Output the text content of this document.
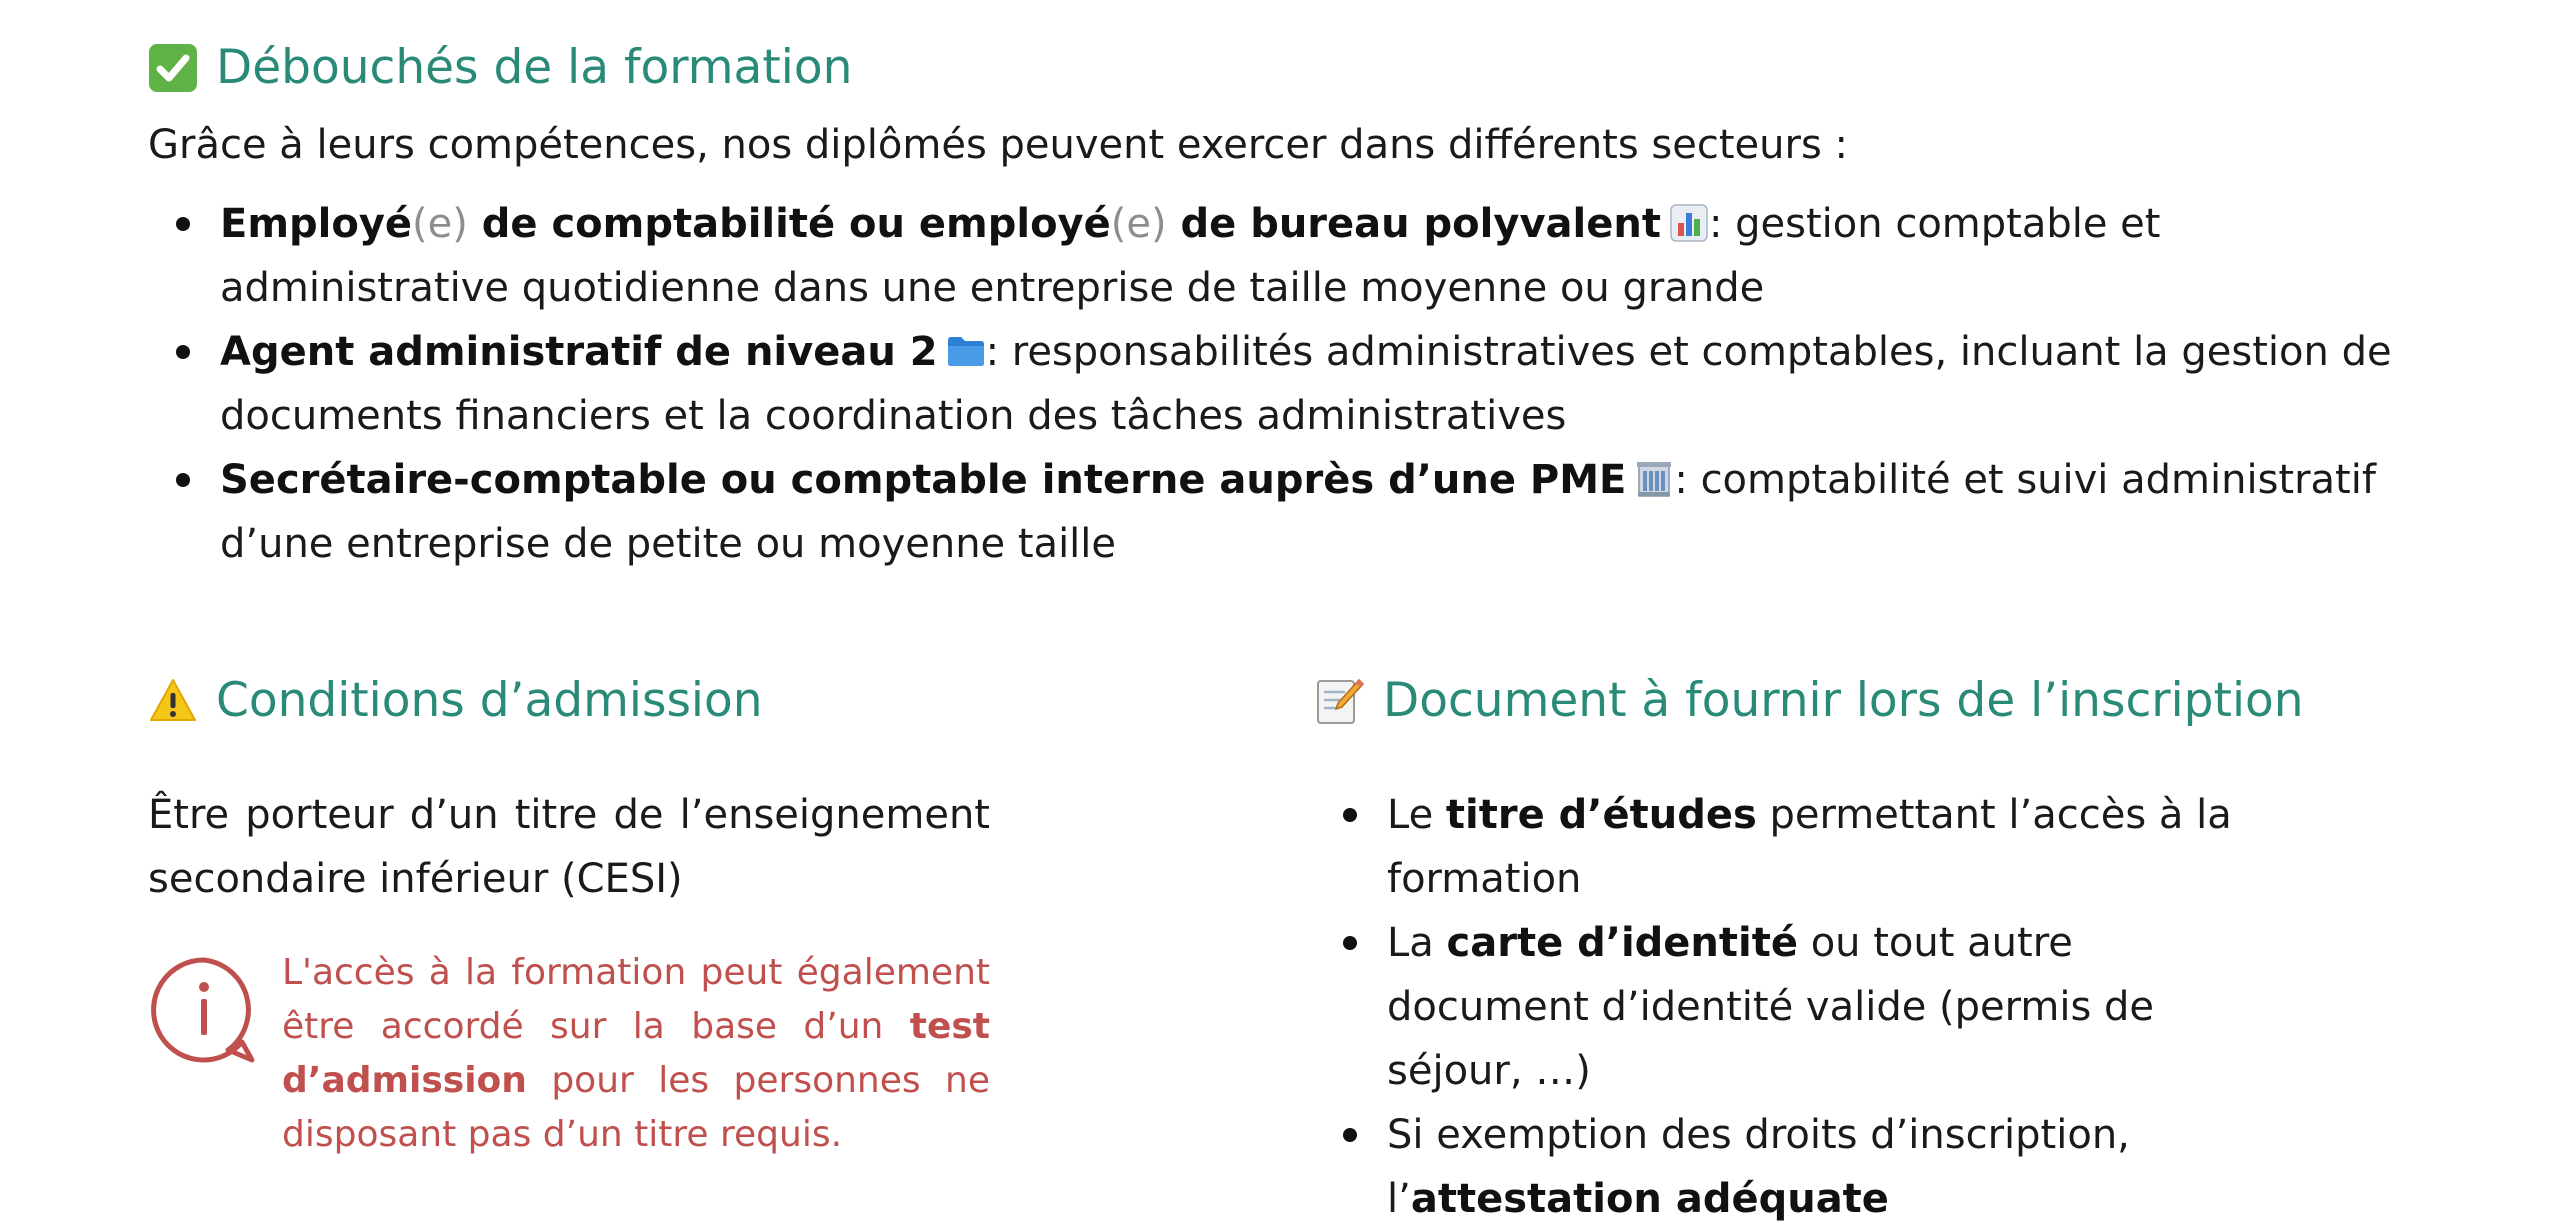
Débouchés de la formation

Grâce à leurs compétences, nos diplômés peuvent exercer dans différents secteurs :

Employé(e) de comptabilité ou employé(e) de bureau polyvalent : gestion comptable et administrative quotidienne dans une entreprise de taille moyenne ou grande
Agent administratif de niveau 2 : responsabilités administratives et comptables, incluant la gestion de documents financiers et la coordination des tâches administratives
Secrétaire-comptable ou comptable interne auprès d’une PME : comptabilité et suivi administratif d’une entreprise de petite ou moyenne taille
Conditions d’admission

Être porteur d’un titre de l’enseignement secondaire inférieur (CESI)

L'accès à la formation peut également être accordé sur la base d’un test d’admission pour les personnes ne disposant pas d’un titre requis.

Document à fournir lors de l’inscription
Le titre d’études permettant l’accès à la formation
La carte d’identité ou tout autre document d’identité valide (permis de séjour, …)
Si exemption des droits d’inscription, l’attestation adéquate
